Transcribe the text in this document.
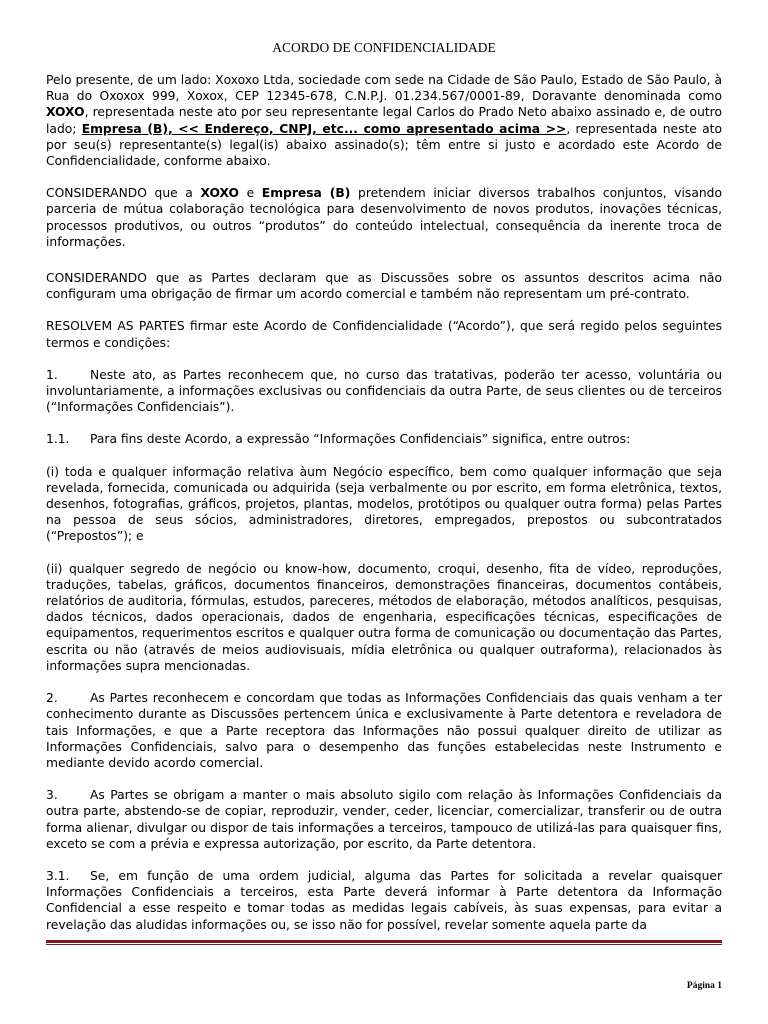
ACORDO DE CONFIDENCIALIDADE

Pelo presente, de um lado: Xoxoxo Ltda, sociedade com sede na Cidade de São Paulo, Estado de São Paulo, à Rua do Oxoxox 999, Xoxox, CEP 12345-678, C.N.P.J. 01.234.567/0001-89, Doravante denominada como XOXO, representada neste ato por seu representante legal Carlos do Prado Neto abaixo assinado e, de outro lado; Empresa (B), << Endereço, CNPJ, etc... como apresentado acima >>, representada neste ato por seu(s) representante(s) legal(is) abaixo assinado(s); têm entre si justo e acordado este Acordo de Confidencialidade, conforme abaixo.

CONSIDERANDO que a XOXO e Empresa (B) pretendem iniciar diversos trabalhos conjuntos, visando parceria de mútua colaboração tecnológica para desenvolvimento de novos produtos, inovações técnicas, processos produtivos, ou outros “produtos” do conteúdo intelectual, consequência da inerente troca de informações.

CONSIDERANDO que as Partes declaram que as Discussões sobre os assuntos descritos acima não configuram uma obrigação de firmar um acordo comercial e também não representam um pré-contrato.

RESOLVEM AS PARTES firmar este Acordo de Confidencialidade (“Acordo”), que será regido pelos seguintes termos e condições:

1.	Neste ato, as Partes reconhecem que, no curso das tratativas, poderão ter acesso, voluntária ou involuntariamente, a informações exclusivas ou confidenciais da outra Parte, de seus clientes ou de terceiros (“Informações Confidenciais”).

1.1. Para fins deste Acordo, a expressão “Informações Confidenciais” significa, entre outros:

(i) toda e qualquer informação relativa àum Negócio específico, bem como qualquer informação que seja revelada, fornecida, comunicada ou adquirida (seja verbalmente ou por escrito, em forma eletrônica, textos, desenhos, fotografias, gráficos, projetos, plantas, modelos, protótipos ou qualquer outra forma) pelas Partes na pessoa de seus sócios, administradores, diretores, empregados, prepostos ou subcontratados (“Prepostos”); e

(ii) qualquer segredo de negócio ou know-how, documento, croqui, desenho, fita de vídeo, reproduções, traduções, tabelas, gráficos, documentos financeiros, demonstrações financeiras, documentos contábeis, relatórios de auditoria, fórmulas, estudos, pareceres, métodos de elaboração, métodos analíticos, pesquisas, dados técnicos, dados operacionais, dados de engenharia, especificações técnicas, especificações de equipamentos, requerimentos escritos e qualquer outra forma de comunicação ou documentação das Partes, escrita ou não (através de meios audiovisuais, mídia eletrônica ou qualquer outraforma), relacionados às informações supra mencionadas.

2.	As Partes reconhecem e concordam que todas as Informações Confidenciais das quais venham a ter conhecimento durante as Discussões pertencem única e exclusivamente à Parte detentora e reveladora de tais Informações, e que a Parte receptora das Informações não possui qualquer direito de utilizar as Informações Confidenciais, salvo para o desempenho das funções estabelecidas neste Instrumento e mediante devido acordo comercial.

3.	As Partes se obrigam a manter o mais absoluto sigilo com relação às Informações Confidenciais da outra parte, abstendo-se de copiar, reproduzir, vender, ceder, licenciar, comercializar, transferir ou de outra forma alienar, divulgar ou dispor de tais informações a terceiros, tampouco de utilizá-las para quaisquer fins, exceto se com a prévia e expressa autorização, por escrito, da Parte detentora.

3.1. Se, em função de uma ordem judicial, alguma das Partes for solicitada a revelar quaisquer Informações Confidenciais a terceiros, esta Parte deverá informar à Parte detentora da Informação Confidencial a esse respeito e tomar todas as medidas legais cabíveis, às suas expensas, para evitar a revelação das aludidas informações ou, se isso não for possível, revelar somente aquela parte da

Página 1
